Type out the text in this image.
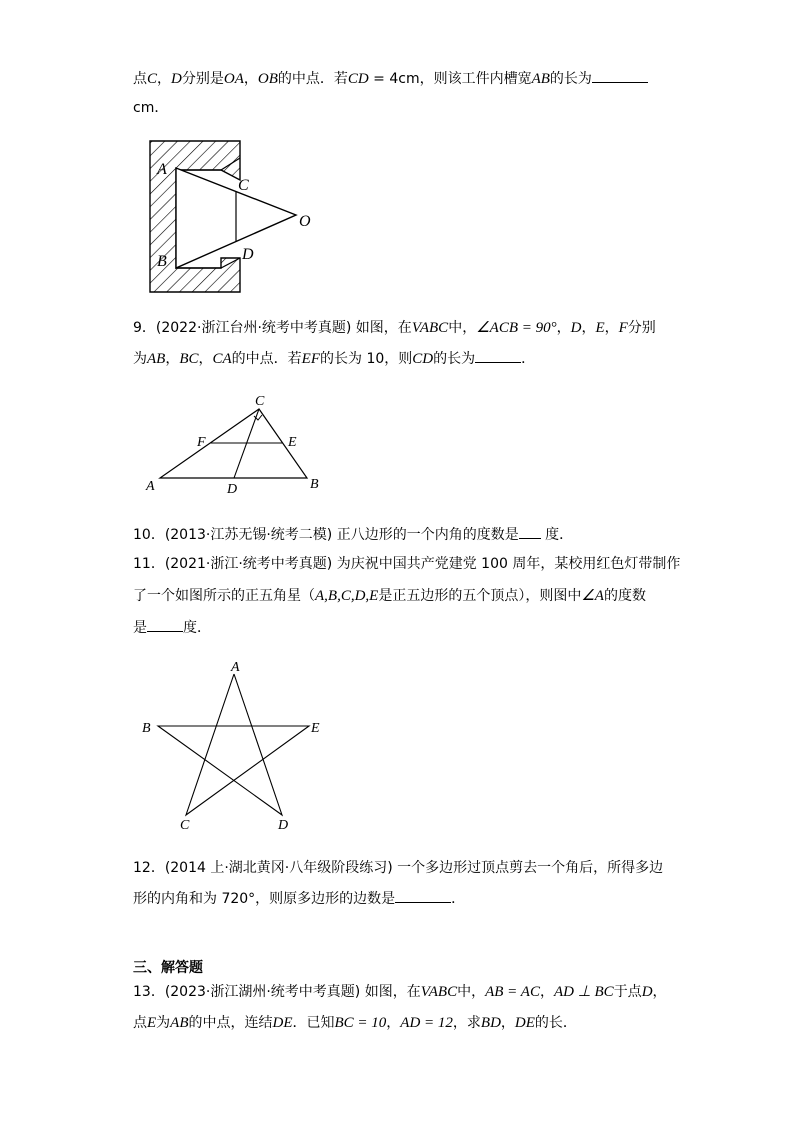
点C，D分别是OA，OB的中点．若CD = 4cm，则该工件内槽宽AB的长为
cm．
A
B
C
D
O
C
F	E
A	D	B
A
B	E
C	D
9．(2022·浙江台州·统考中考真题) 如图，在VABC中，∠ACB = 90°，D，E，F分别
为AB，BC，CA的中点．若EF的长为 10，则CD的长为	．
10．(2013·江苏无锡·统考二模) 正八边形的一个内角的度数是 度．
11．(2021·浙江·统考中考真题) 为庆祝中国共产党建党 100 周年，某校用红色灯带制作
了一个如图所示的正五角星（A,B,C,D,E是正五边形的五个顶点），则图中∠A的度数
是	度．
12．(2014 上·湖北黄冈·八年级阶段练习) 一个多边形过顶点剪去一个角后，所得多边
形的内角和为 720°，则原多边形的边数是	．
三、解答题
13．(2023·浙江湖州·统考中考真题) 如图，在VABC中，AB = AC，AD ⊥ BC于点D，
点E为AB的中点，连结DE．已知BC = 10，AD = 12，求BD，DE的长．
